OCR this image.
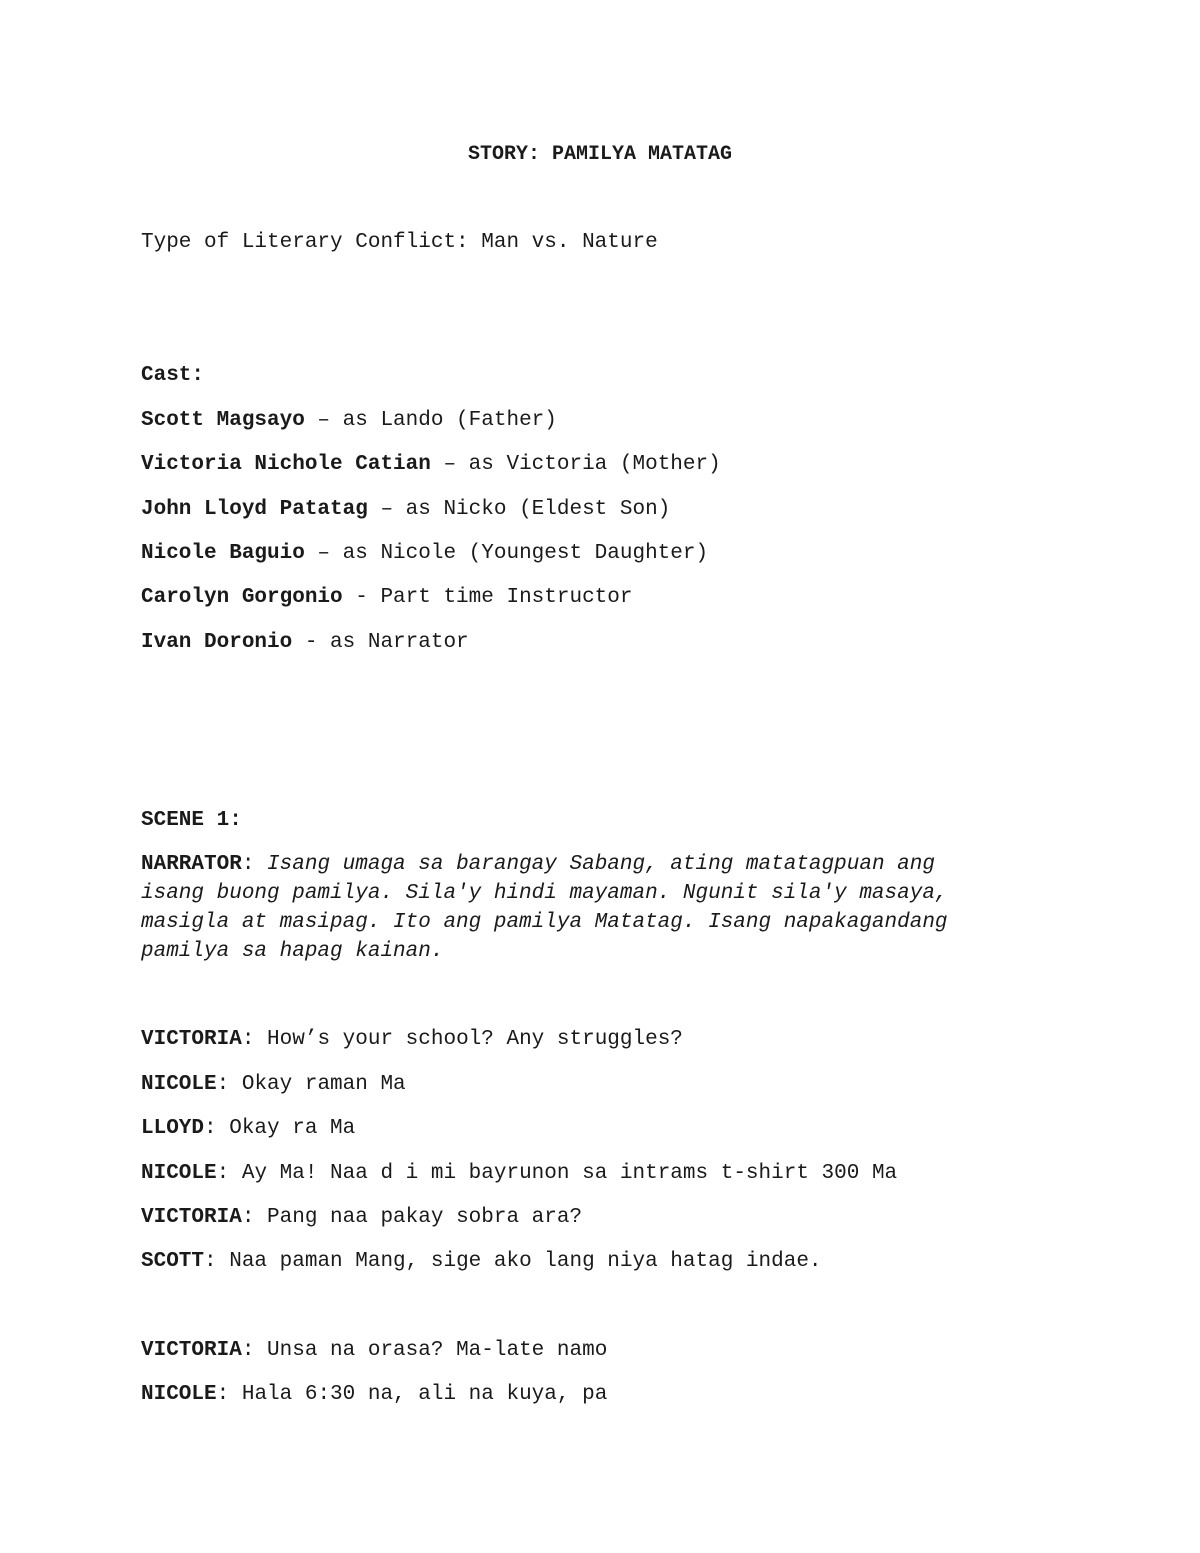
STORY: PAMILYA MATATAG
Type of Literary Conflict: Man vs. Nature
Cast:
Scott Magsayo – as Lando (Father)
Victoria Nichole Catian – as Victoria (Mother)
John Lloyd Patatag – as Nicko (Eldest Son)
Nicole Baguio – as Nicole (Youngest Daughter)
Carolyn Gorgonio - Part time Instructor
Ivan Doronio - as Narrator
SCENE 1:
NARRATOR: Isang umaga sa barangay Sabang, ating matatagpuan ang
isang buong pamilya. Sila'y hindi mayaman. Ngunit sila'y masaya,
masigla at masipag. Ito ang pamilya Matatag. Isang napakagandang
pamilya sa hapag kainan.
VICTORIA: How’s your school? Any struggles?
NICOLE: Okay raman Ma
LLOYD: Okay ra Ma
NICOLE: Ay Ma! Naa d i mi bayrunon sa intrams t-shirt 300 Ma
VICTORIA: Pang naa pakay sobra ara?
SCOTT: Naa paman Mang, sige ako lang niya hatag indae.
VICTORIA: Unsa na orasa? Ma-late namo
NICOLE: Hala 6:30 na, ali na kuya, pa
